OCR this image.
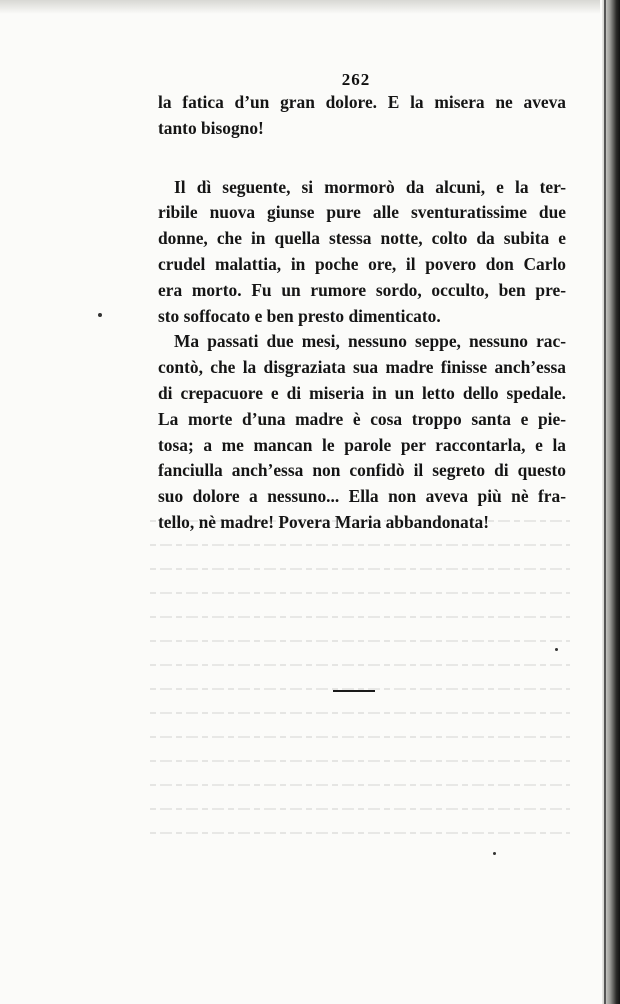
262
la fatica d’un gran dolore. E la misera ne aveva
tanto bisogno!
Il dì seguente, si mormorò da alcuni, e la ter-
ribile nuova giunse pure alle sventuratissime due
donne, che in quella stessa notte, colto da subita e
crudel malattia, in poche ore, il povero don Carlo
era morto. Fu un rumore sordo, occulto, ben pre-
sto soffocato e ben presto dimenticato.
Ma passati due mesi, nessuno seppe, nessuno rac-
contò, che la disgraziata sua madre finisse anch’essa
di crepacuore e di miseria in un letto dello spedale.
La morte d’una madre è cosa troppo santa e pie-
tosa; a me mancan le parole per raccontarla, e la
fanciulla anch’essa non confidò il segreto di questo
suo dolore a nessuno... Ella non aveva più nè fra-
tello, nè madre! Povera Maria abbandonata!
